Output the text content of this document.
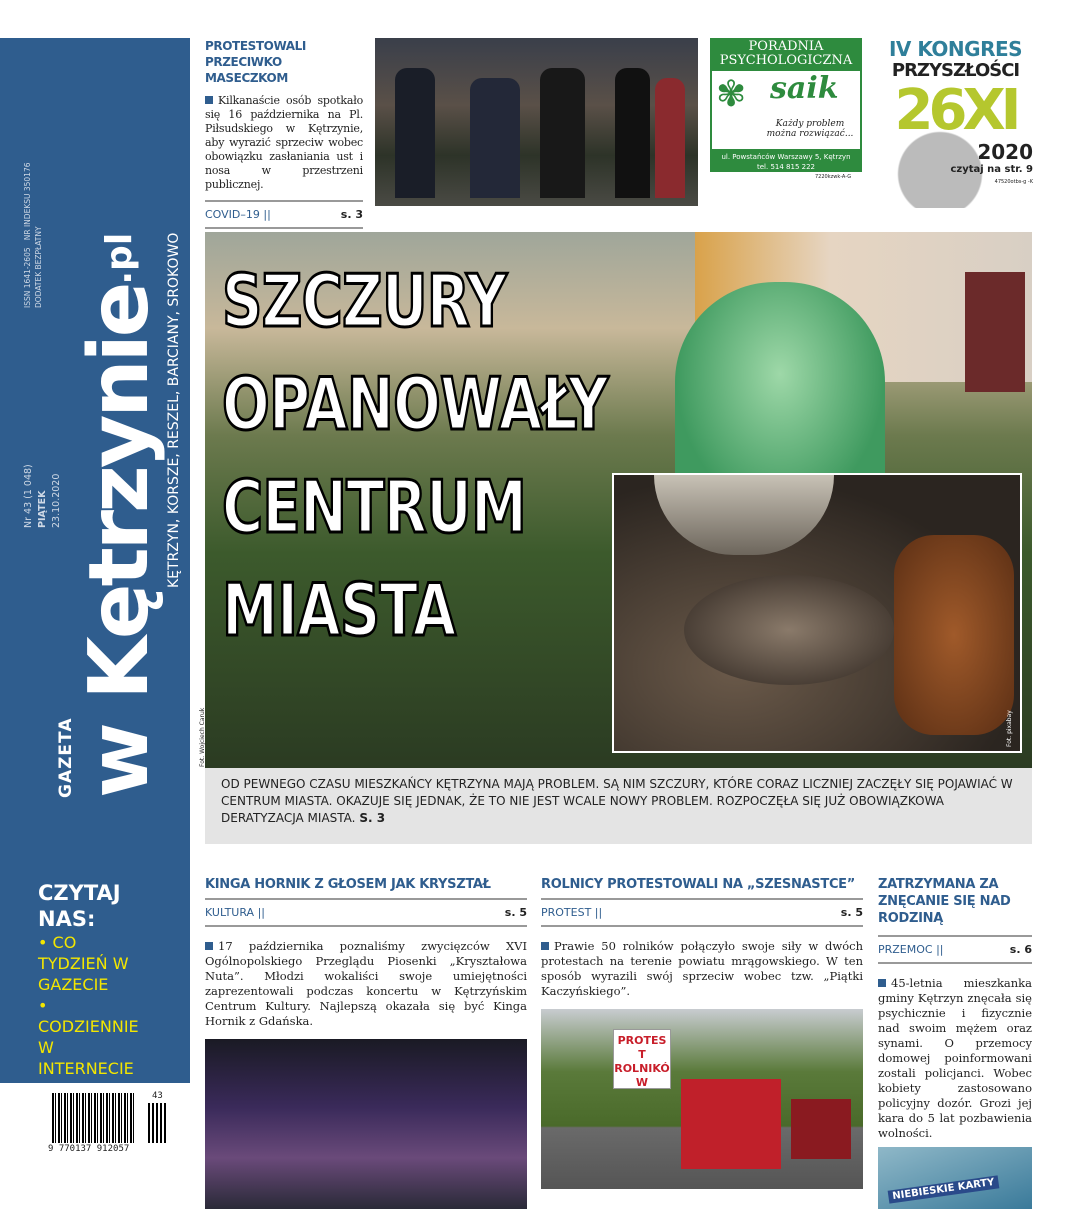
w Kętrzynie.pl
GAZETA
KĘTRZYN, KORSZE, RESZEL, BARCIANY, SROKOWO
Nr 43 (1 048) PIĄTEK 23.10.2020
ISSN 1641-2605   NR INDEKSU 350176
DODATEK BEZPŁATNY
CZYTAJ NAS:
• CO TYDZIEŃ W GAZECIE
• CODZIENNIE W INTERNECIE
43
9 770137 912057
PROTESTOWALI PRZECIWKO MASECZKOM
Kilkanaście osób spotkało się 16 października na Pl. Piłsudskiego w Kętrzynie, aby wyrazić sprzeciw wobec obowiązku zasłaniania ust i nosa w przestrzeni publicznej.
COVID–19 ||	s. 3
PORADNIA PSYCHOLOGICZNA
✾ saik
Każdy problem można rozwiązać...
ul. Powstańców Warszawy 5, Kętrzyn
tel. 514 815 222
7220kzwk-A-G
IV KONGRES
PRZYSZŁOŚCI
26XI
2020
czytaj na str. 9
47520otbs-g -K
Fot. Wojciech Caruk	Fot. pixabay
SZCZURY
OPANOWAŁY
CENTRUM
MIASTA
OD PEWNEGO CZASU MIESZKAŃCY KĘTRZYNA MAJĄ PROBLEM. SĄ NIM SZCZURY, KTÓRE CORAZ LICZNIEJ ZACZĘŁY SIĘ POJAWIAĆ W CENTRUM MIASTA. OKAZUJE SIĘ JEDNAK, ŻE TO NIE JEST WCALE NOWY PROBLEM. ROZPOCZĘŁA SIĘ JUŻ OBOWIĄZKOWA DERATYZACJA MIASTA. S. 3
KINGA HORNIK Z GŁOSEM JAK KRYSZTAŁ
KULTURA ||	s. 5
17 października poznaliśmy zwycięzców XVI Ogólnopolskiego Przeglądu Piosenki „Kryształowa Nuta”. Młodzi wokaliści swoje umiejętności zaprezentowali podczas koncertu w Kętrzyńskim Centrum Kultury. Najlepszą okazała się być Kinga Hornik z Gdańska.
ROLNICY PROTESTOWALI NA „SZESNASTCE”
PROTEST ||	s. 5
Prawie 50 rolników połączyło swoje siły w dwóch protestach na terenie powiatu mrągowskiego. W ten sposób wyrazili swój sprzeciw wobec tzw. „Piątki Kaczyńskiego”.
PROTEST ROLNIKÓW
ZATRZYMANA ZA ZNĘCANIE SIĘ NAD RODZINĄ
PRZEMOC ||	s. 6
45-letnia mieszkanka gminy Kętrzyn znęcała się psychicznie i fizycznie nad swoim mężem oraz synami. O przemocy domowej poinformowani zostali policjanci. Wobec kobiety zastosowano policyjny dozór. Grozi jej kara do 5 lat pozbawienia wolności.
NIEBIESKIE KARTY
